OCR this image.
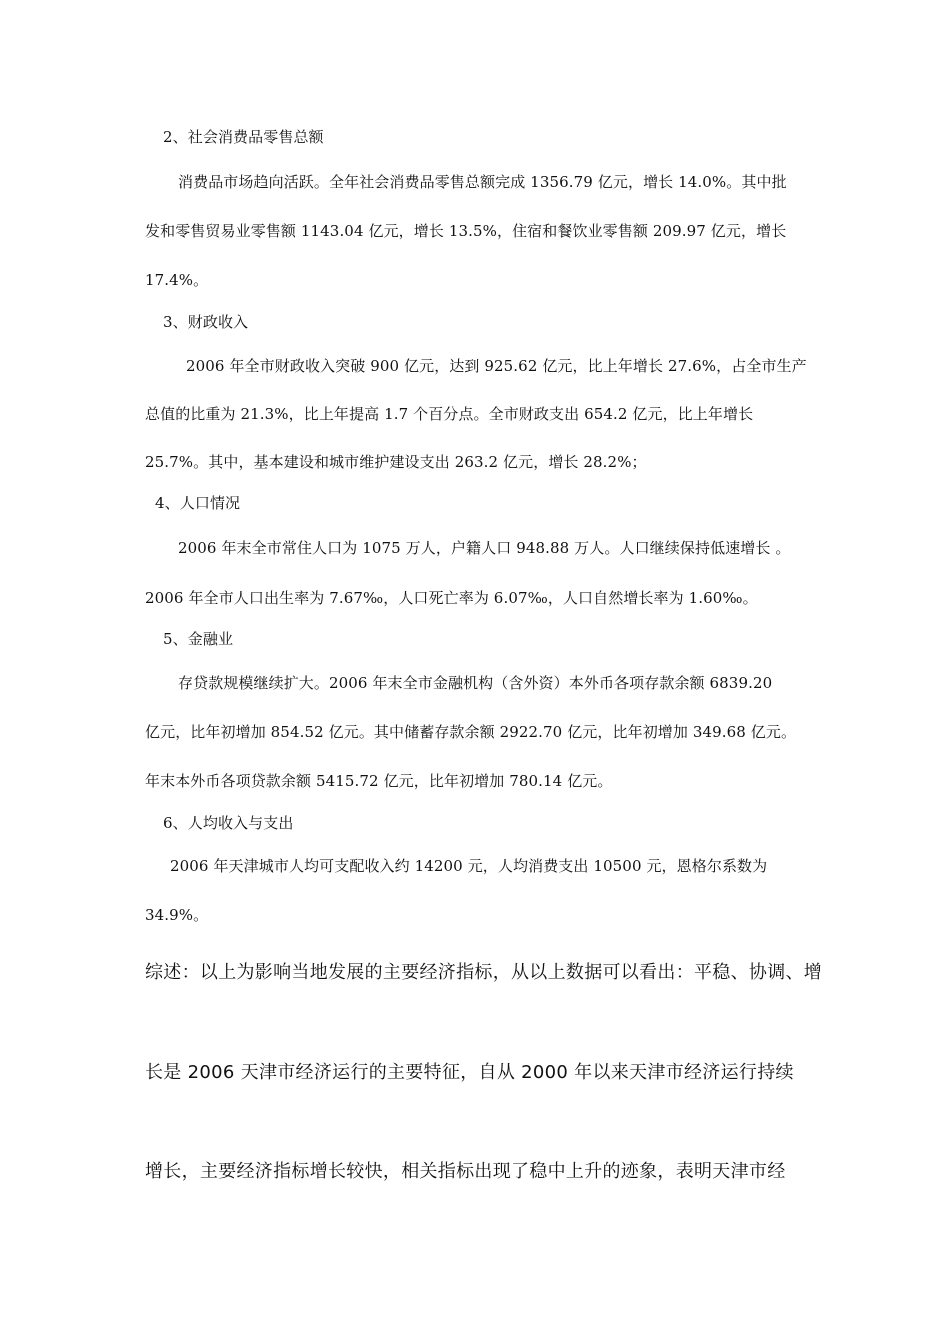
2、社会消费品零售总额
消费品市场趋向活跃。全年社会消费品零售总额完成 1356.79 亿元，增长 14.0%。其中批
发和零售贸易业零售额 1143.04 亿元，增长 13.5%，住宿和餐饮业零售额 209.97 亿元，增长
17.4%。
3、财政收入
2006 年全市财政收入突破 900 亿元，达到 925.62 亿元，比上年增长 27.6%，占全市生产
总值的比重为 21.3%，比上年提高 1.7 个百分点。全市财政支出 654.2 亿元，比上年增长
25.7%。其中，基本建设和城市维护建设支出 263.2 亿元，增长 28.2%；
4、人口情况
2006 年末全市常住人口为 1075 万人，户籍人口 948.88 万人。人口继续保持低速增长 。
2006 年全市人口出生率为 7.67‰，人口死亡率为 6.07‰，人口自然增长率为 1.60‰。
5、金融业
存贷款规模继续扩大。2006 年末全市金融机构（含外资）本外币各项存款余额 6839.20
亿元，比年初增加 854.52 亿元。其中储蓄存款余额 2922.70 亿元，比年初增加 349.68 亿元。
年末本外币各项贷款余额 5415.72 亿元，比年初增加 780.14 亿元。
6、人均收入与支出
2006 年天津城市人均可支配收入约 14200 元，人均消费支出 10500 元，恩格尔系数为
34.9%。
综述：以上为影响当地发展的主要经济指标，从以上数据可以看出：平稳、协调、增
长是 2006 天津市经济运行的主要特征，自从 2000 年以来天津市经济运行持续
增长，主要经济指标增长较快，相关指标出现了稳中上升的迹象，表明天津市经
